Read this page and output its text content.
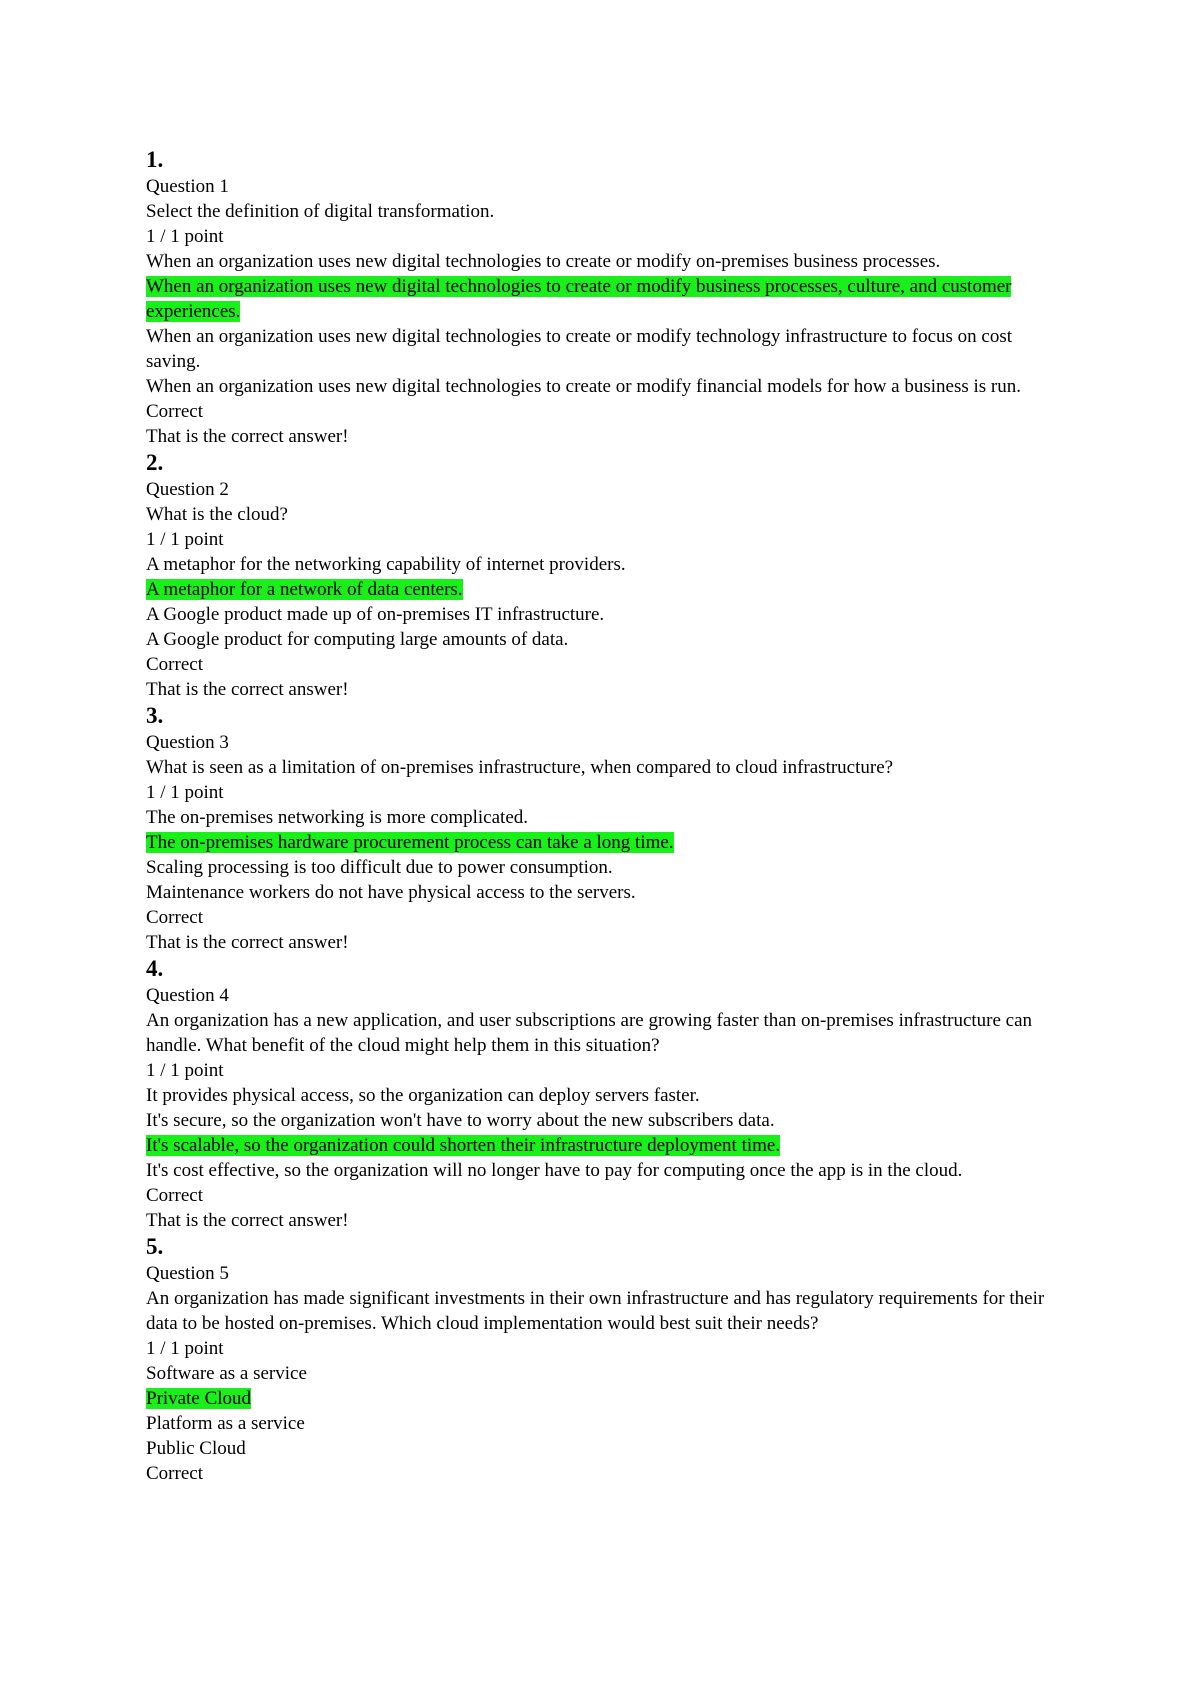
1.
Question 1
Select the definition of digital transformation.
1 / 1 point
When an organization uses new digital technologies to create or modify on-premises business processes.
When an organization uses new digital technologies to create or modify business processes, culture, and customer experiences.
When an organization uses new digital technologies to create or modify technology infrastructure to focus on cost saving.
When an organization uses new digital technologies to create or modify financial models for how a business is run.
Correct
That is the correct answer!
2.
Question 2
What is the cloud?
1 / 1 point
A metaphor for the networking capability of internet providers.
A metaphor for a network of data centers.
A Google product made up of on-premises IT infrastructure.
A Google product for computing large amounts of data.
Correct
That is the correct answer!
3.
Question 3
What is seen as a limitation of on-premises infrastructure, when compared to cloud infrastructure?
1 / 1 point
The on-premises networking is more complicated.
The on-premises hardware procurement process can take a long time.
Scaling processing is too difficult due to power consumption.
Maintenance workers do not have physical access to the servers.
Correct
That is the correct answer!
4.
Question 4
An organization has a new application, and user subscriptions are growing faster than on-premises infrastructure can handle. What benefit of the cloud might help them in this situation?
1 / 1 point
It provides physical access, so the organization can deploy servers faster.
It's secure, so the organization won't have to worry about the new subscribers data.
It's scalable, so the organization could shorten their infrastructure deployment time.
It's cost effective, so the organization will no longer have to pay for computing once the app is in the cloud.
Correct
That is the correct answer!
5.
Question 5
An organization has made significant investments in their own infrastructure and has regulatory requirements for their data to be hosted on-premises. Which cloud implementation would best suit their needs?
1 / 1 point
Software as a service
Private Cloud
Platform as a service
Public Cloud
Correct
